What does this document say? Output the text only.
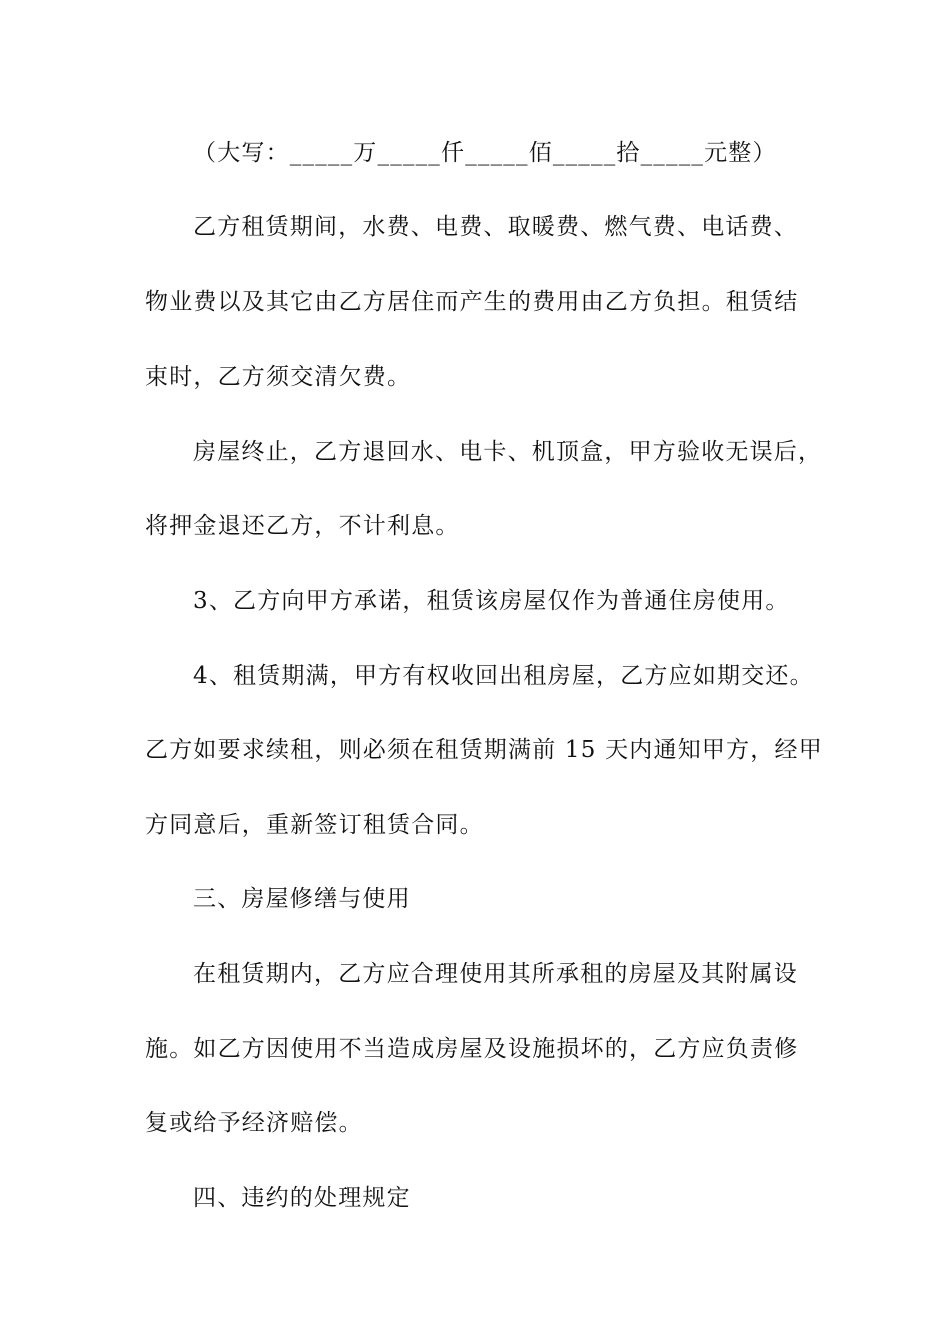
（大写：_____万_____仟_____佰_____拾_____元整）
乙方租赁期间，水费、电费、取暖费、燃气费、电话费、
物业费以及其它由乙方居住而产生的费用由乙方负担。租赁结
束时，乙方须交清欠费。
房屋终止，乙方退回水、电卡、机顶盒，甲方验收无误后，
将押金退还乙方，不计利息。
3、乙方向甲方承诺，租赁该房屋仅作为普通住房使用。
4、租赁期满，甲方有权收回出租房屋，乙方应如期交还。
乙方如要求续租，则必须在租赁期满前 15 天内通知甲方，经甲
方同意后，重新签订租赁合同。
三、房屋修缮与使用
在租赁期内，乙方应合理使用其所承租的房屋及其附属设
施。如乙方因使用不当造成房屋及设施损坏的，乙方应负责修
复或给予经济赔偿。
四、违约的处理规定
